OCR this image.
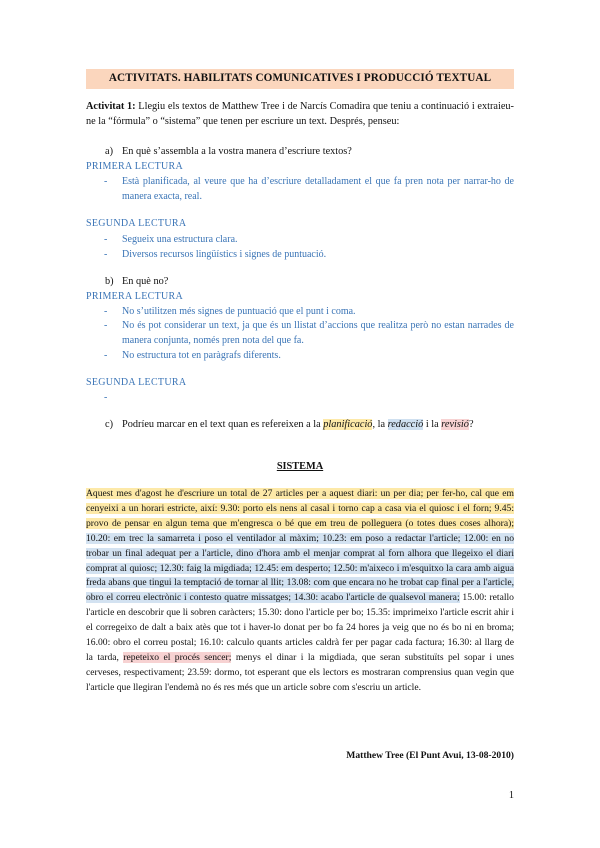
ACTIVITATS. HABILITATS COMUNICATIVES I PRODUCCIÓ TEXTUAL
Activitat 1: Llegiu els textos de Matthew Tree i de Narcís Comadira que teniu a continuació i extraieu-ne la “fórmula” o “sistema” que tenen per escriure un text. Després, penseu:
a) En què s’assembla a la vostra manera d’escriure textos?
PRIMERA LECTURA
- Està planificada, al veure que ha d’escriure detalladament el que fa pren nota per narrar-ho de manera exacta, real.
SEGUNDA LECTURA
- Segueix una estructura clara.
- Diversos recursos lingüístics i signes de puntuació.
b) En què no?
PRIMERA LECTURA
- No s’utilitzen més signes de puntuació que el punt i coma.
- No és pot considerar un text, ja que és un llistat d’accions que realitza però no estan narrades de manera conjunta, només pren nota del que fa.
- No estructura tot en paràgrafs diferents.
SEGUNDA LECTURA
-
c) Podríeu marcar en el text quan es refereixen a la planificació, la redacció i la revisió?
SISTEMA
Aquest mes d'agost he d'escriure un total de 27 articles per a aquest diari: un per dia; per fer-ho, cal que em cenyeixi a un horari estricte, així: 9.30: porto els nens al casal i torno cap a casa via el quiosc i el forn; 9.45: provo de pensar en algun tema que m'engresca o bé que em treu de polleguera (o totes dues coses alhora); 10.20: em trec la samarreta i poso el ventilador al màxim; 10.23: em poso a redactar l'article; 12.00: en no trobar un final adequat per a l'article, dino d'hora amb el menjar comprat al forn alhora que llegeixo el diari comprat al quiosc; 12.30: faig la migdiada; 12.45: em desperto; 12.50: m'aixeco i m'esquitxo la cara amb aigua freda abans que tingui la temptació de tornar al llit; 13.08: com que encara no he trobat cap final per a l'article, obro el correu electrònic i contesto quatre missatges; 14.30: acabo l'article de qualsevol manera; 15.00: retallo l'article en descobrir que li sobren caràcters; 15.30: dono l'article per bo; 15.35: imprimeixo l'article escrit ahir i el corregeixo de dalt a baix atès que tot i haver-lo donat per bo fa 24 hores ja veig que no és bo ni en broma; 16.00: obro el correu postal; 16.10: calculo quants articles caldrà fer per pagar cada factura; 16.30: al llarg de la tarda, repeteixo el procés sencer; menys el dinar i la migdiada, que seran substituïts pel sopar i unes cerveses, respectivament; 23.59: dormo, tot esperant que els lectors es mostraran comprensius quan vegin que l'article que llegiran l'endemà no és res més que un article sobre com s'escriu un article.
Matthew Tree (El Punt Avui, 13-08-2010)
1
